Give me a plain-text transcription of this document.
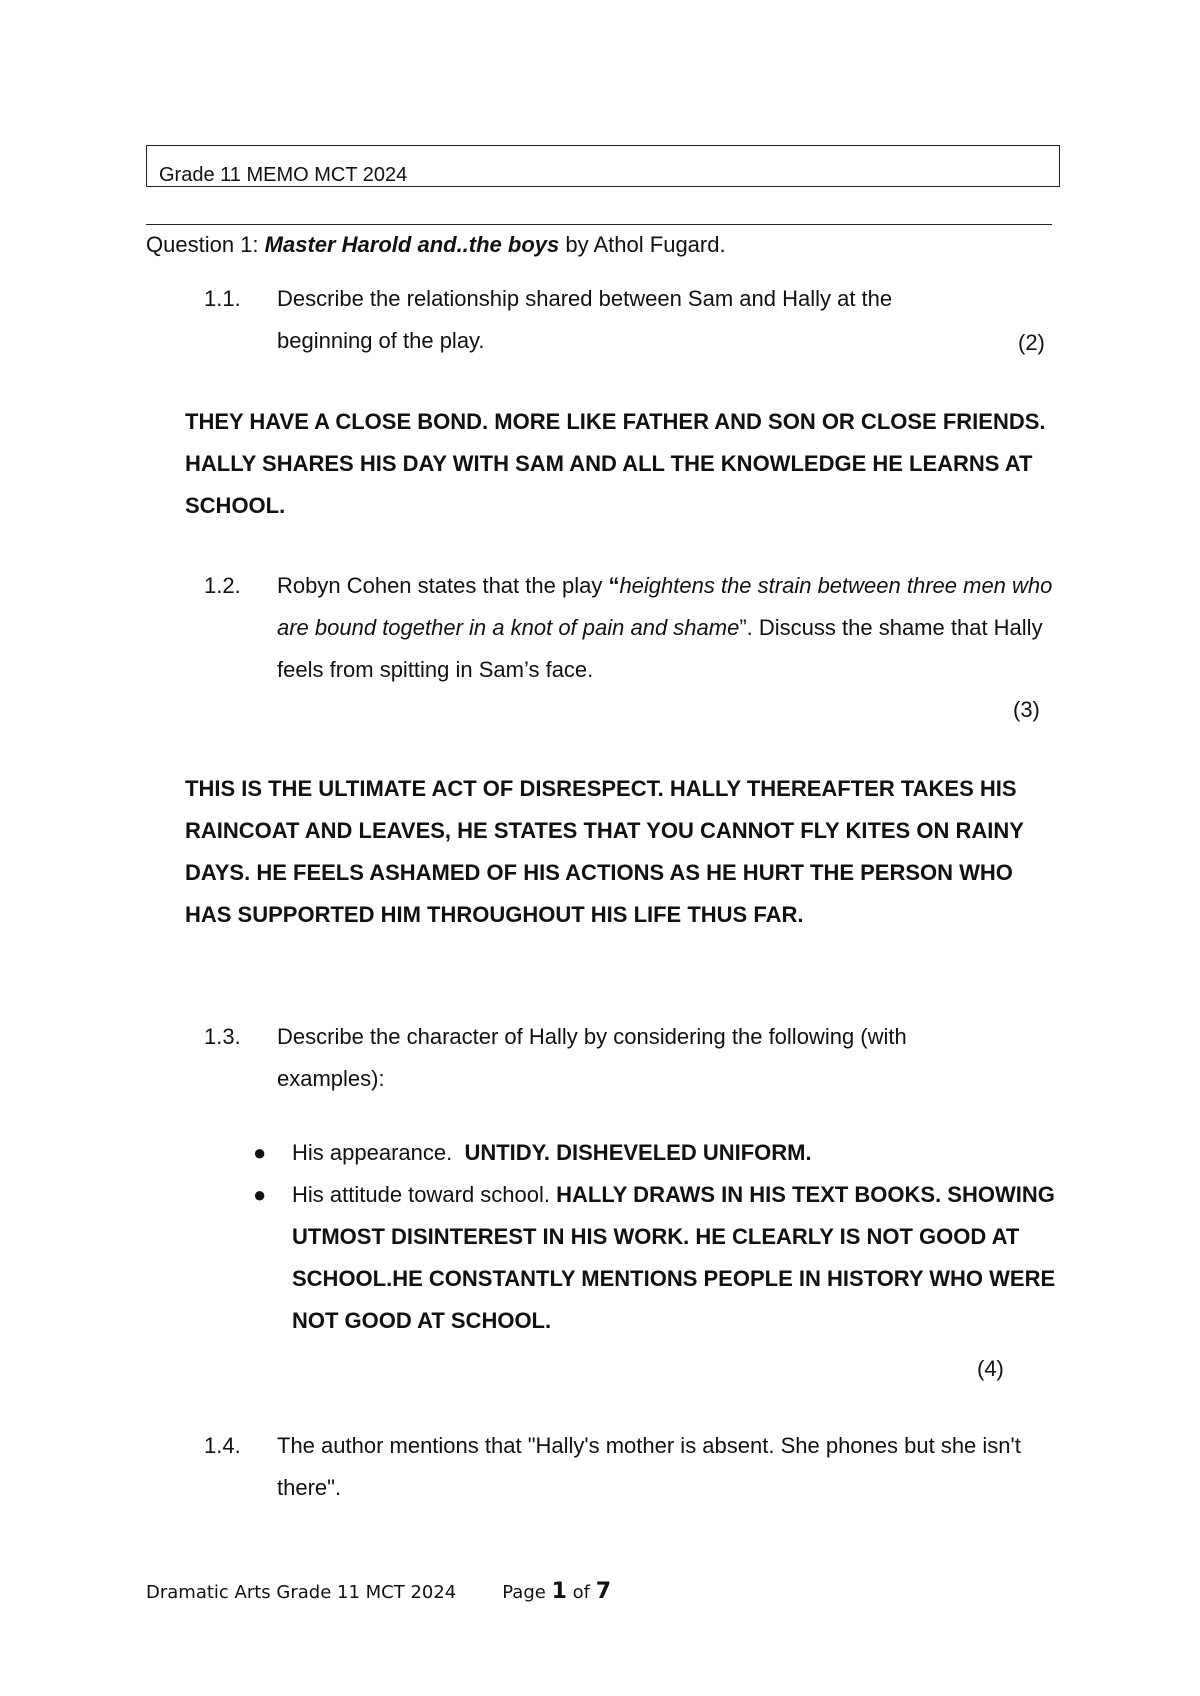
Grade 11 MEMO MCT 2024
Question 1: Master Harold and..the boys by Athol Fugard.
1.1. Describe the relationship shared between Sam and Hally at the
beginning of the play.	(2)
THEY HAVE A CLOSE BOND. MORE LIKE FATHER AND SON OR CLOSE FRIENDS. HALLY SHARES HIS DAY WITH SAM AND ALL THE KNOWLEDGE HE LEARNS AT SCHOOL.
1.2. Robyn Cohen states that the play “heightens the strain between three men who are bound together in a knot of pain and shame”. Discuss the shame that Hally feels from spitting in Sam’s face.
(3)
THIS IS THE ULTIMATE ACT OF DISRESPECT. HALLY THEREAFTER TAKES HIS RAINCOAT AND LEAVES, HE STATES THAT YOU CANNOT FLY KITES ON RAINY DAYS. HE FEELS ASHAMED OF HIS ACTIONS AS HE HURT THE PERSON WHO HAS SUPPORTED HIM THROUGHOUT HIS LIFE THUS FAR.
1.3. Describe the character of Hally by considering the following (with examples):
● His appearance. UNTIDY. DISHEVELED UNIFORM.
● His attitude toward school. HALLY DRAWS IN HIS TEXT BOOKS. SHOWING UTMOST DISINTEREST IN HIS WORK. HE CLEARLY IS NOT GOOD AT SCHOOL.HE CONSTANTLY MENTIONS PEOPLE IN HISTORY WHO WERE NOT GOOD AT SCHOOL.
(4)
1.4. The author mentions that "Hally's mother is absent. She phones but she isn't there".
Dramatic Arts Grade 11 MCT 2024	Page 1 of 7
